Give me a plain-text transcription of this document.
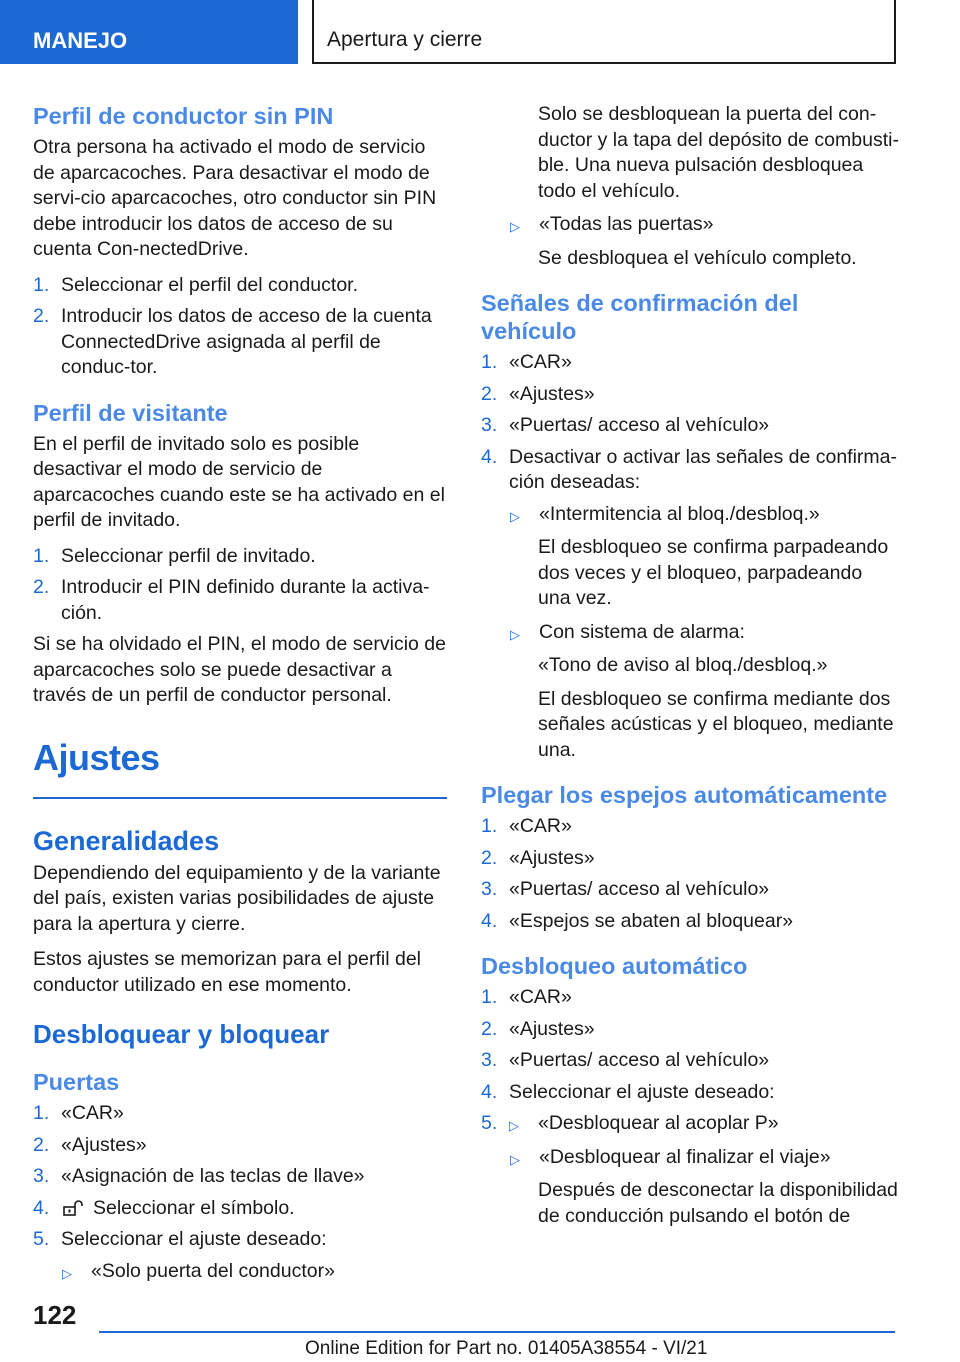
MANEJO	Apertura y cierre
Perfil de conductor sin PIN

Otra persona ha activado el modo de servicio de aparcacoches. Para desactivar el modo de servi-cio aparcacoches, otro conductor sin PIN debe introducir los datos de acceso de su cuenta Con-nectedDrive.

1. Seleccionar el perfil del conductor.
2. Introducir los datos de acceso de la cuenta ConnectedDrive asignada al perfil de conduc-tor.
Perfil de visitante

En el perfil de invitado solo es posible desactivar el modo de servicio de aparcacoches cuando este se ha activado en el perfil de invitado.

1. Seleccionar perfil de invitado.
2. Introducir el PIN definido durante la activa-ción.

Si se ha olvidado el PIN, el modo de servicio de aparcacoches solo se puede desactivar a través de un perfil de conductor personal.

Ajustes
Generalidades

Dependiendo del equipamiento y de la variante del país, existen varias posibilidades de ajuste para la apertura y cierre.

Estos ajustes se memorizan para el perfil del conductor utilizado en ese momento.

Desbloquear y bloquear
Puertas
1. «CAR»
2. «Ajustes»
3. «Asignación de las teclas de llave»
4.	Seleccionar el símbolo.
5. Seleccionar el ajuste deseado:
▷ «Solo puerta del conductor»
Solo se desbloquean la puerta del con-ductor y la tapa del depósito de combusti-ble. Una nueva pulsación desbloquea todo el vehículo.
▷ «Todas las puertas»
Se desbloquea el vehículo completo.
Señales de confirmación del vehículo
1. «CAR»
2. «Ajustes»
3. «Puertas/ acceso al vehículo»
4. Desactivar o activar las señales de confirma-ción deseadas:
▷ «Intermitencia al bloq./desbloq.»
El desbloqueo se confirma parpadeando dos veces y el bloqueo, parpadeando una vez.
▷ Con sistema de alarma:
«Tono de aviso al bloq./desbloq.»
El desbloqueo se confirma mediante dos señales acústicas y el bloqueo, mediante una.
Plegar los espejos automáticamente
1. «CAR»
2. «Ajustes»
3. «Puertas/ acceso al vehículo»
4. «Espejos se abaten al bloquear»
Desbloqueo automático
1. «CAR»
2. «Ajustes»
3. «Puertas/ acceso al vehículo»
4. Seleccionar el ajuste deseado:
5. ▷ «Desbloquear al acoplar P»
▷ «Desbloquear al finalizar el viaje»
Después de desconectar la disponibilidad de conducción pulsando el botón de
122
Online Edition for Part no. 01405A38554 - VI/21
